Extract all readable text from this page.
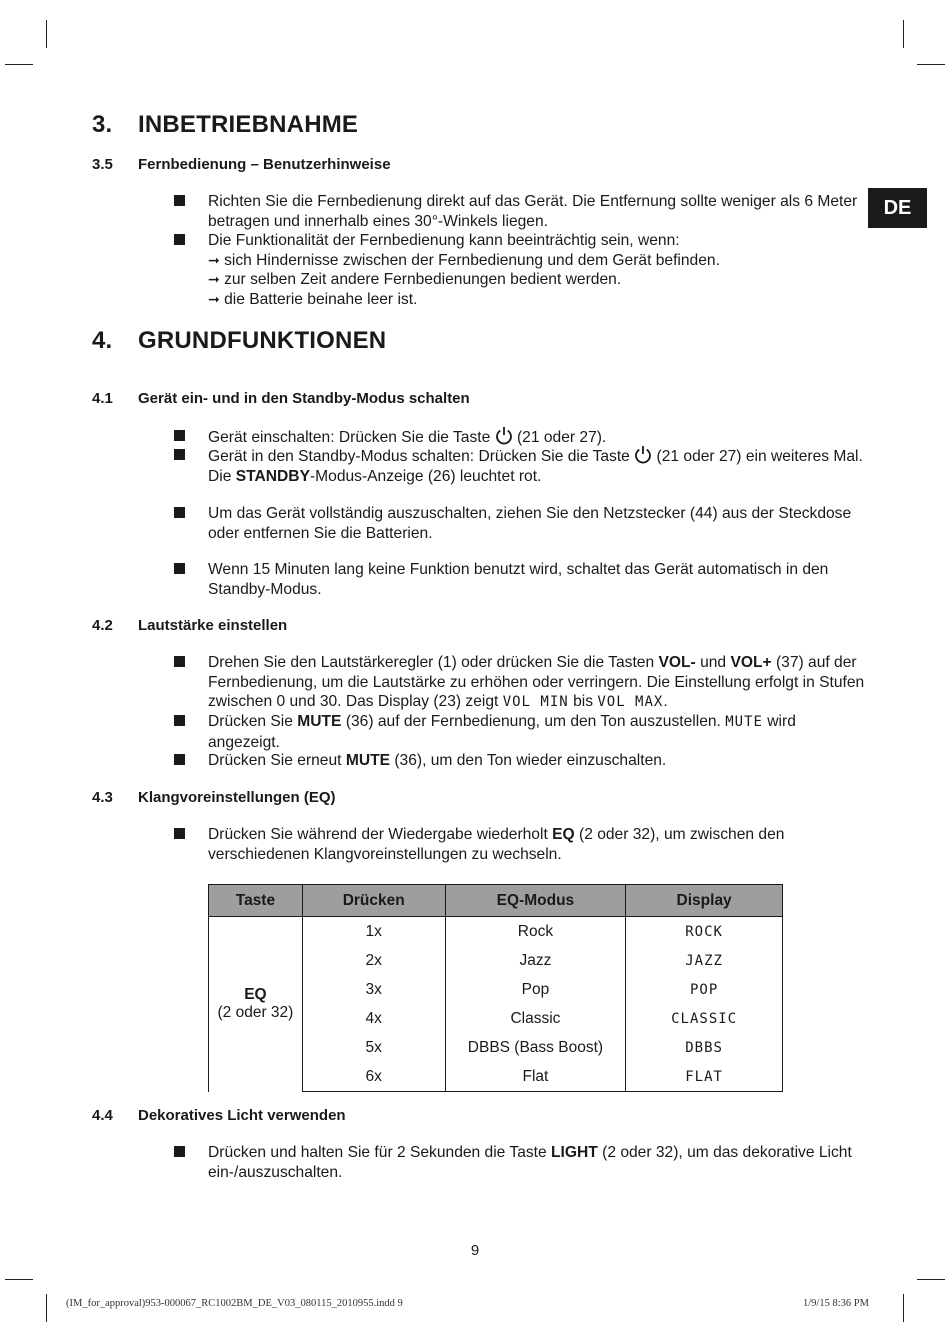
DE
3. INBETRIEBNAHME
3.5 Fernbedienung – Benutzerhinweise
Richten Sie die Fernbedienung direkt auf das Gerät. Die Entfernung sollte weniger als 6 Meter betragen und innerhalb eines 30°-Winkels liegen.
Die Funktionalität der Fernbedienung kann beeinträchtig sein, wenn:
➞ sich Hindernisse zwischen der Fernbedienung und dem Gerät befinden.
➞ zur selben Zeit andere Fernbedienungen bedient werden.
➞ die Batterie beinahe leer ist.
4. GRUNDFUNKTIONEN
4.1 Gerät ein- und in den Standby-Modus schalten
Gerät einschalten: Drücken Sie die Taste (21 oder 27).
Gerät in den Standby-Modus schalten: Drücken Sie die Taste (21 oder 27) ein weiteres Mal.
Die STANDBY-Modus-Anzeige (26) leuchtet rot.
Um das Gerät vollständig auszuschalten, ziehen Sie den Netzstecker (44) aus der Steckdose oder entfernen Sie die Batterien.
Wenn 15 Minuten lang keine Funktion benutzt wird, schaltet das Gerät automatisch in den Standby-Modus.
4.2 Lautstärke einstellen
Drehen Sie den Lautstärkeregler (1) oder drücken Sie die Tasten VOL- und VOL+ (37) auf der Fernbedienung, um die Lautstärke zu erhöhen oder verringern. Die Einstellung erfolgt in Stufen zwischen 0 und 30. Das Display (23) zeigt VOL MIN bis VOL MAX.
Drücken Sie MUTE (36) auf der Fernbedienung, um den Ton auszustellen. MUTE wird angezeigt.
Drücken Sie erneut MUTE (36), um den Ton wieder einzuschalten.
4.3 Klangvoreinstellungen (EQ)
Drücken Sie während der Wiedergabe wiederholt EQ (2 oder 32), um zwischen den verschiedenen Klangvoreinstellungen zu wechseln.
Taste	Drücken	EQ-Modus	Display
EQ
(2 oder 32)	1x	Rock	ROCK
	2x	Jazz	JAZZ
	3x	Pop	POP
	4x	Classic	CLASSIC
	5x	DBBS (Bass Boost)	DBBS
	6x	Flat	FLAT
4.4 Dekoratives Licht verwenden
Drücken und halten Sie für 2 Sekunden die Taste LIGHT (2 oder 32), um das dekorative Licht ein-/auszuschalten.
9
(IM_for_approval)953-000067_RC1002BM_DE_V03_080115_2010955.indd 9	1/9/15 8:36 PM
